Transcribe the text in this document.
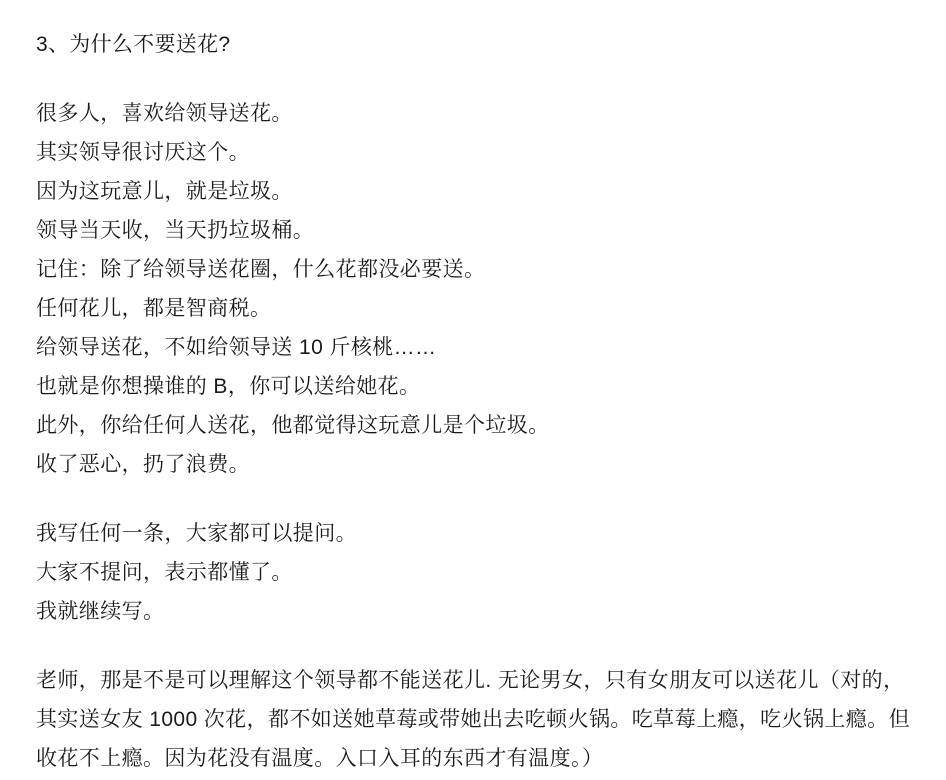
3、为什么不要送花?
很多人，喜欢给领导送花。
其实领导很讨厌这个。
因为这玩意儿，就是垃圾。
领导当天收，当天扔垃圾桶。
记住：除了给领导送花圈，什么花都没必要送。
任何花儿，都是智商税。
给领导送花，不如给领导送 10 斤核桃……
也就是你想操谁的 B，你可以送给她花。
此外，你给任何人送花，他都觉得这玩意儿是个垃圾。
收了恶心，扔了浪费。
我写任何一条，大家都可以提问。
大家不提问，表示都懂了。
我就继续写。
老师，那是不是可以理解这个领导都不能送花儿. 无论男女，只有女朋友可以送花儿（对的，其实送女友 1000 次花，都不如送她草莓或带她出去吃顿火锅。吃草莓上瘾，吃火锅上瘾。但收花不上瘾。因为花没有温度。入口入耳的东西才有温度。）
